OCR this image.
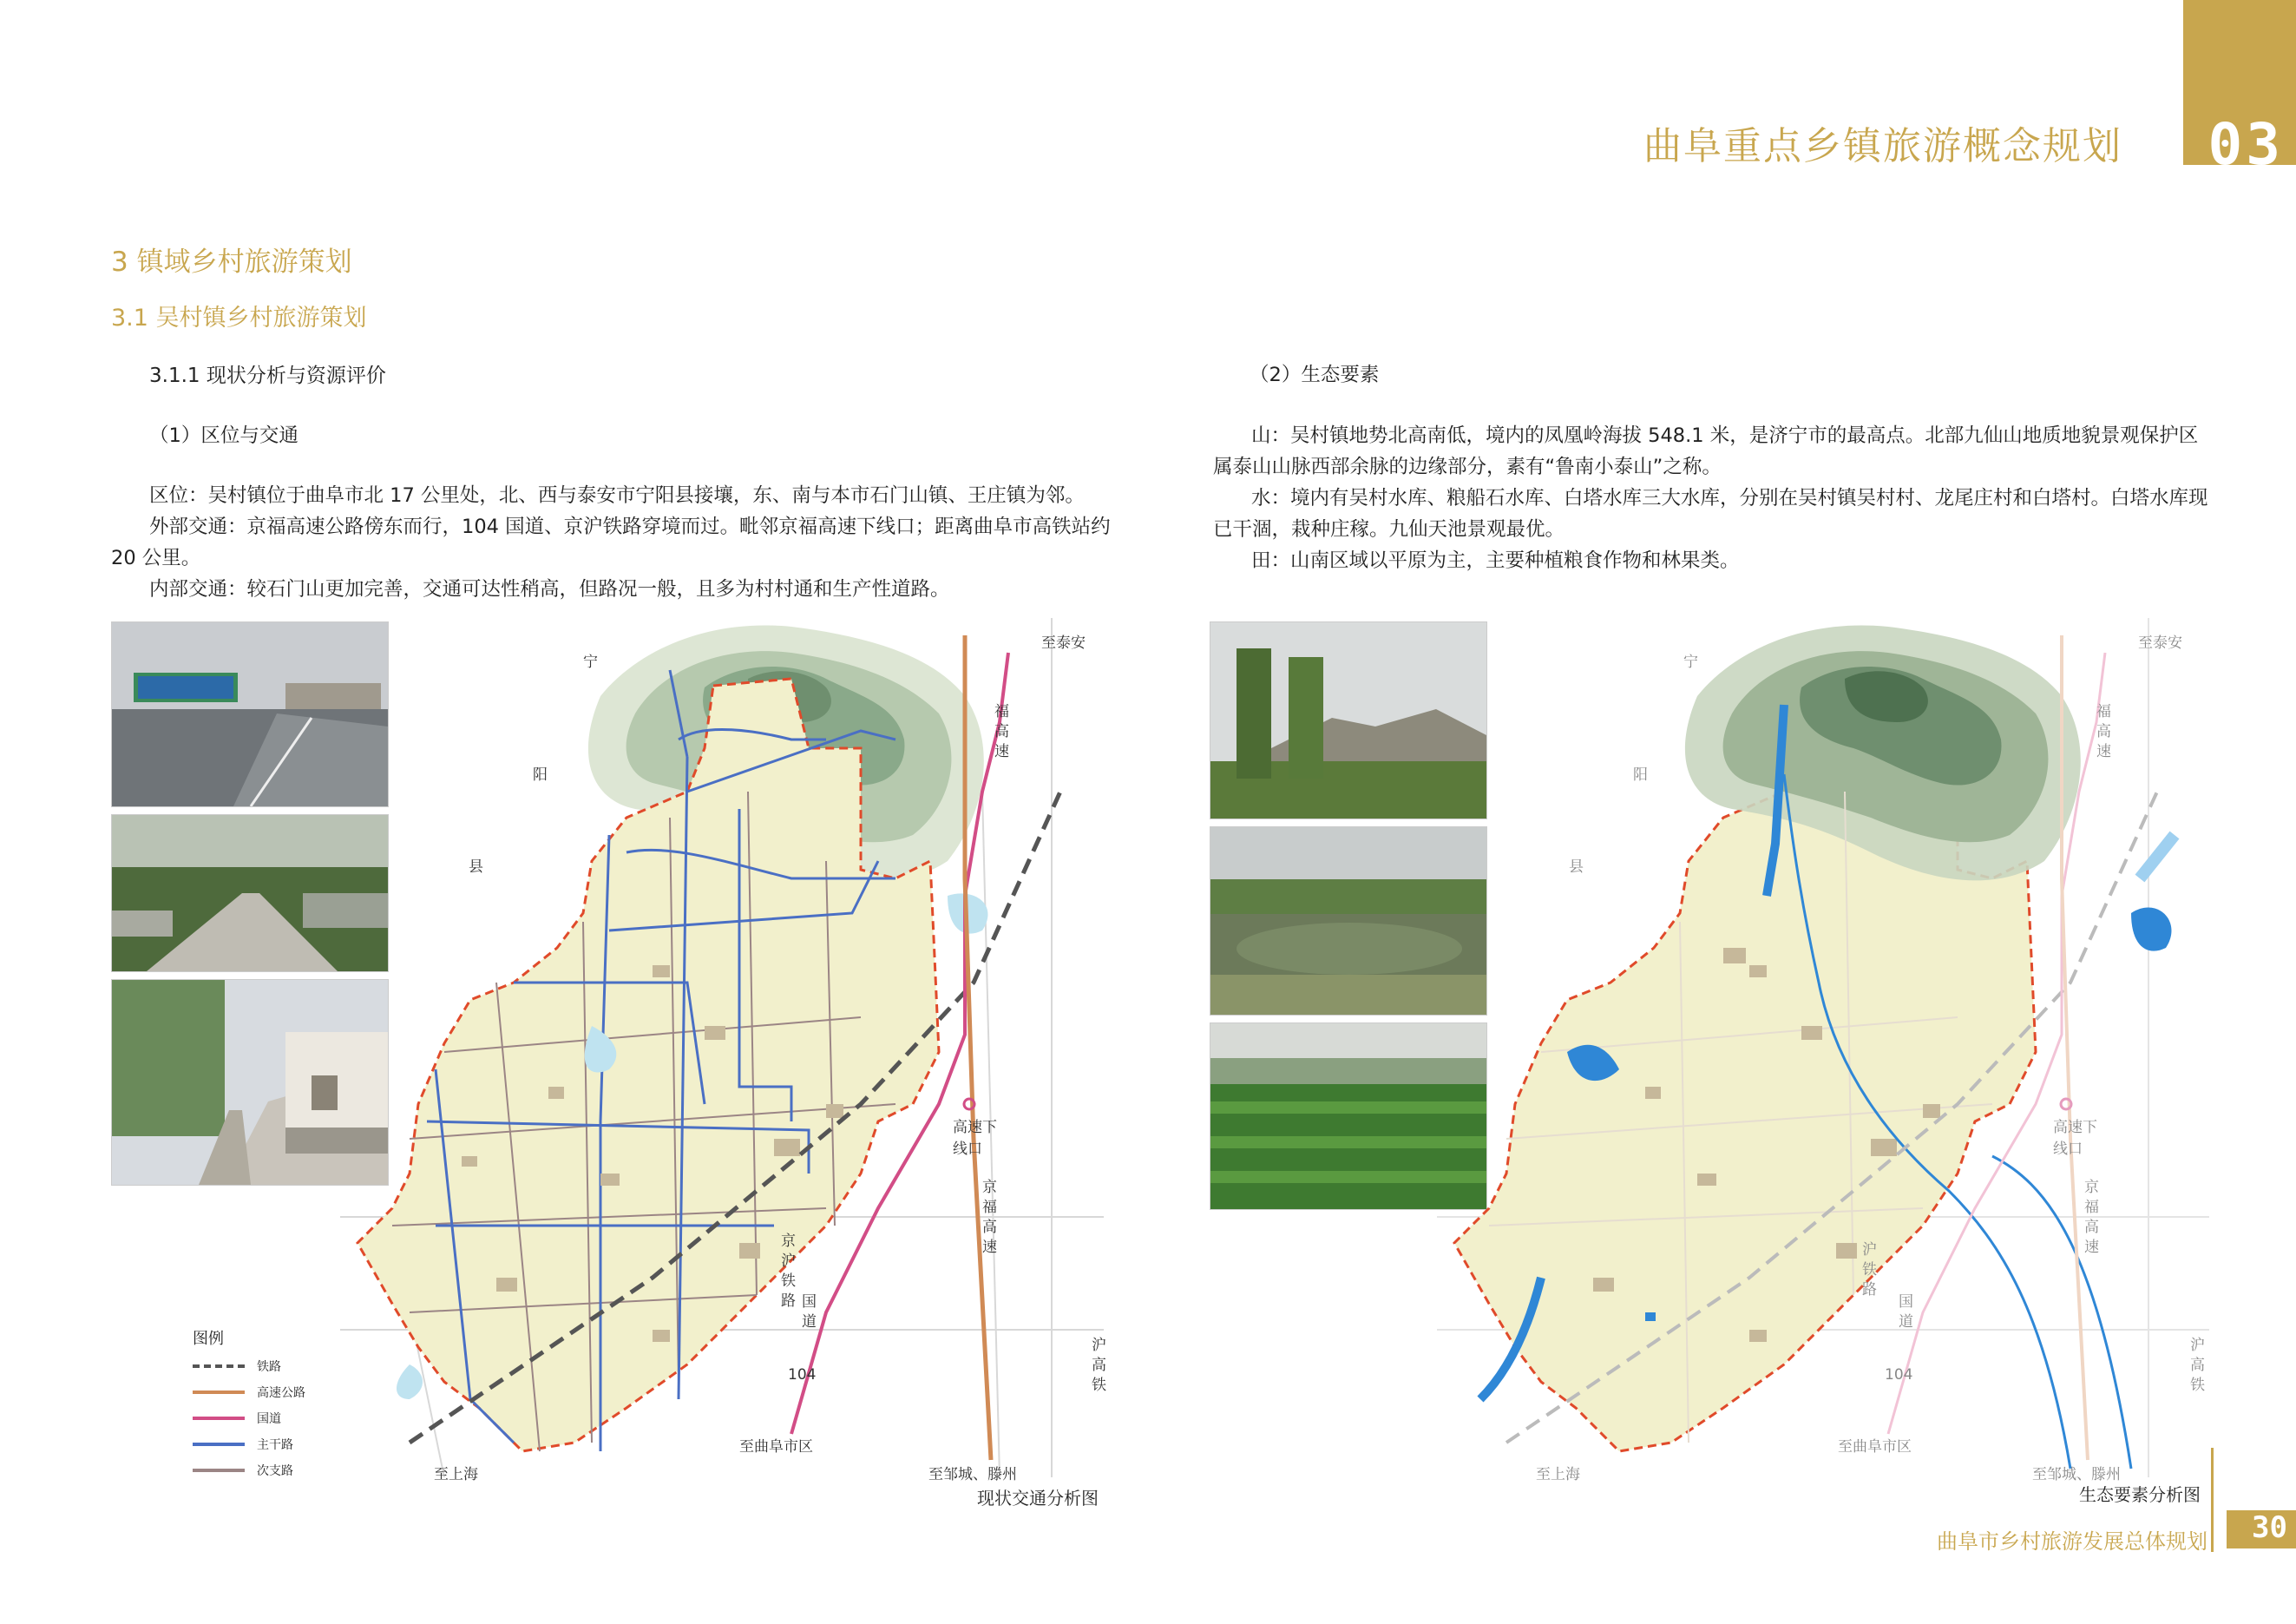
曲阜重点乡镇旅游概念规划 03
3 镇域乡村旅游策划
3.1 吴村镇乡村旅游策划
3.1.1 现状分析与资源评价
（1）区位与交通
区位：吴村镇位于曲阜市北 17 公里处，北、西与泰安市宁阳县接壤，东、南与本市石门山镇、王庄镇为邻。
外部交通：京福高速公路傍东而行，104 国道、京沪铁路穿境而过。毗邻京福高速下线口；距离曲阜市高铁站约 20 公里。
内部交通：较石门山更加完善，交通可达性稍高，但路况一般，且多为村村通和生产性道路。
（2）生态要素
山：吴村镇地势北高南低，境内的凤凰岭海拔 548.1 米，是济宁市的最高点。北部九仙山地质地貌景观保护区属泰山山脉西部余脉的边缘部分，素有“鲁南小泰山”之称。
水：境内有吴村水库、粮船石水库、白塔水库三大水库，分别在吴村镇吴村村、龙尾庄村和白塔村。白塔水库现已干涸，栽种庄稼。九仙天池景观最优。
田：山南区域以平原为主，主要种植粮食作物和林果类。
宁
阳
县
至泰安
福高速
高速下线口
京福高速
京沪铁路
国道
104
至曲阜市区
至上海	至邹城、滕州
沪高铁
现状交通分析图
图例
铁路
高速公路
国道
主干路
次支路
宁
阳
县
至泰安
福高速
高速下线口
京福高速
沪铁路
国道
104
至曲阜市区
至上海	至邹城、滕州
沪高铁
生态要素分析图
曲阜市乡村旅游发展总体规划 30
